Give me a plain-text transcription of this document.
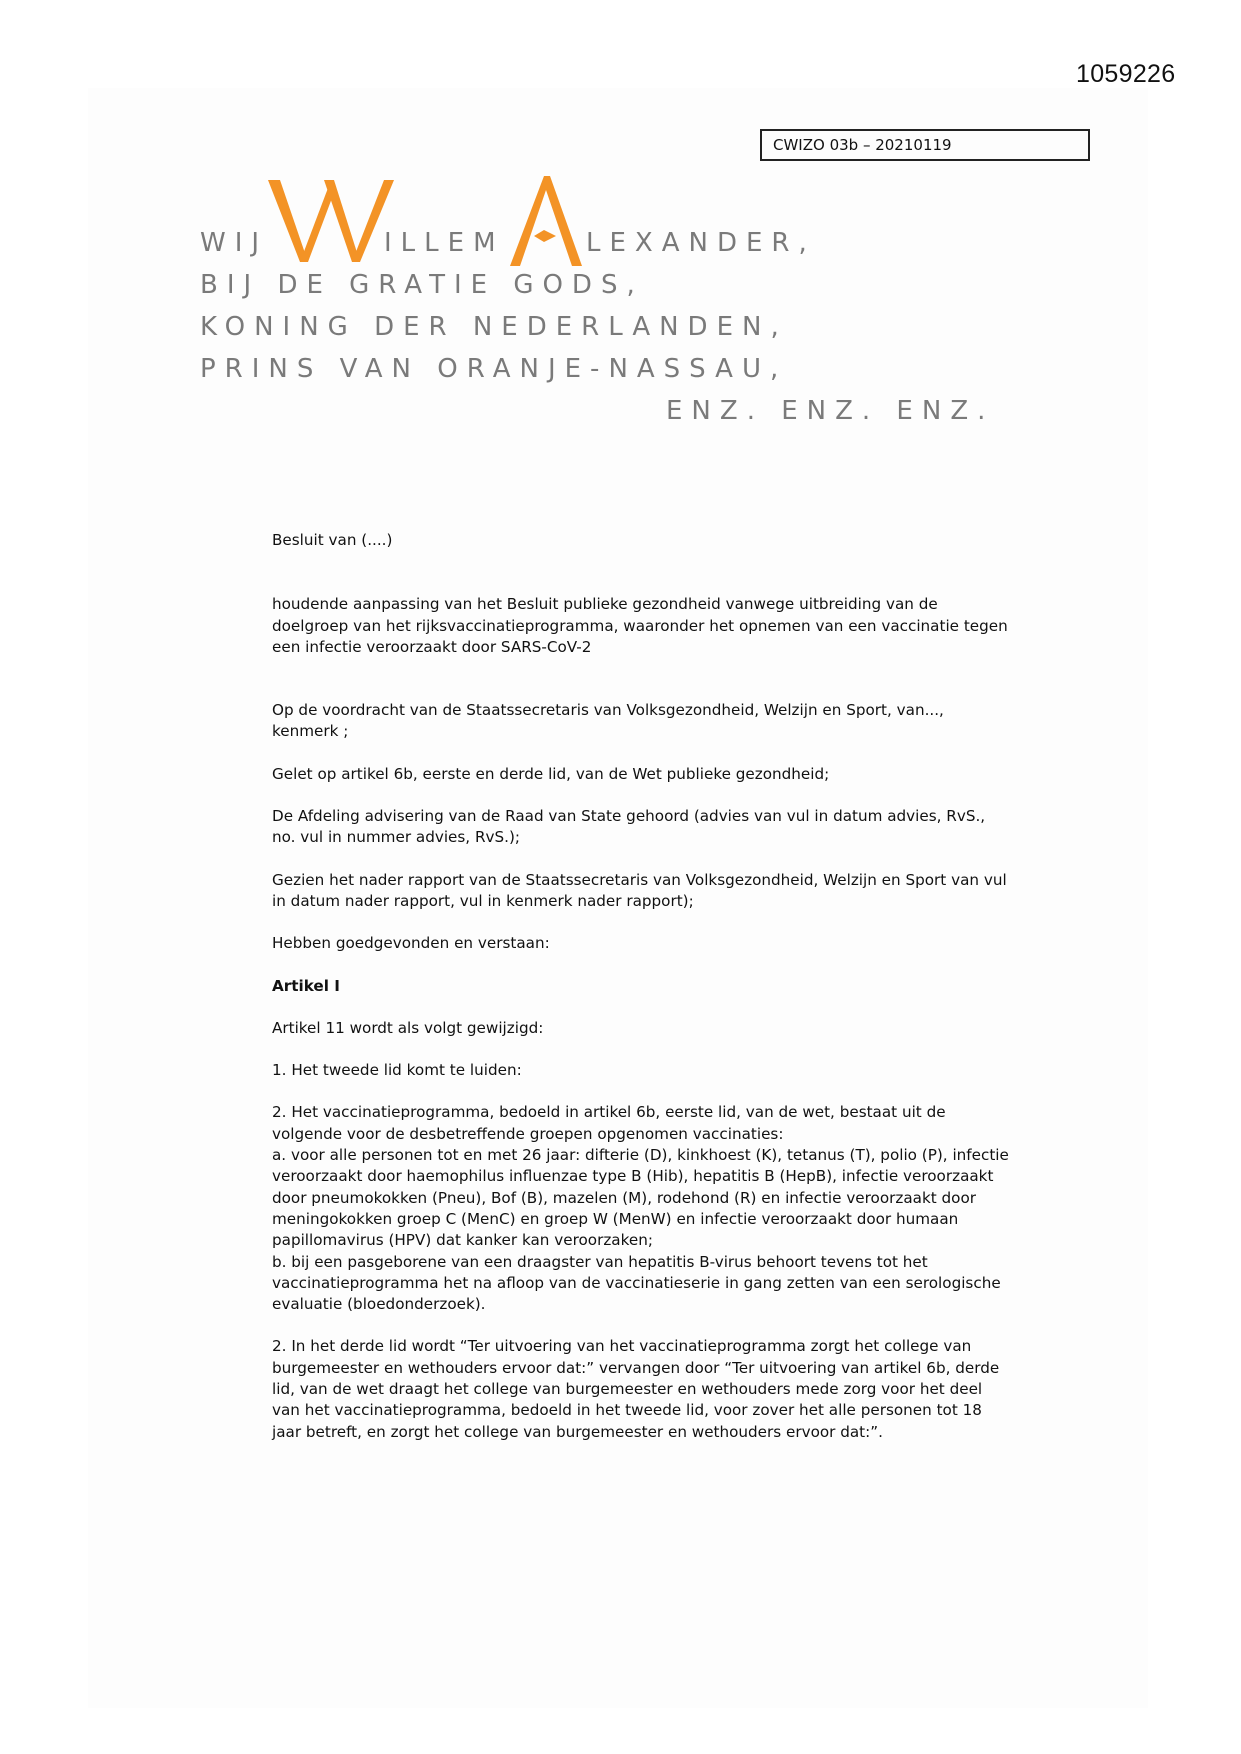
1059226
CWIZO 03b – 20210119
WIJ	ILLEM	LEXANDER,
BIJ DE GRATIE GODS,
KONING DER NEDERLANDEN,
PRINS VAN ORANJE-NASSAU,
ENZ. ENZ. ENZ.

Besluit van (....)

houdende aanpassing van het Besluit publieke gezondheid vanwege uitbreiding van de doelgroep van het rijksvaccinatieprogramma, waaronder het opnemen van een vaccinatie tegen een infectie veroorzaakt door SARS-CoV-2

Op de voordracht van de Staatssecretaris van Volksgezondheid, Welzijn en Sport, van..., kenmerk ;

Gelet op artikel 6b, eerste en derde lid, van de Wet publieke gezondheid;

De Afdeling advisering van de Raad van State gehoord (advies van vul in datum advies, RvS., no. vul in nummer advies, RvS.);

Gezien het nader rapport van de Staatssecretaris van Volksgezondheid, Welzijn en Sport van vul in datum nader rapport, vul in kenmerk nader rapport);

Hebben goedgevonden en verstaan:

Artikel I

Artikel 11 wordt als volgt gewijzigd:

1. Het tweede lid komt te luiden:

2. Het vaccinatieprogramma, bedoeld in artikel 6b, eerste lid, van de wet, bestaat uit de volgende voor de desbetreffende groepen opgenomen vaccinaties:

a. voor alle personen tot en met 26 jaar: difterie (D), kinkhoest (K), tetanus (T), polio (P), infectie veroorzaakt door haemophilus influenzae type B (Hib), hepatitis B (HepB), infectie veroorzaakt door pneumokokken (Pneu), Bof (B), mazelen (M), rodehond (R) en infectie veroorzaakt door meningokokken groep C (MenC) en groep W (MenW) en infectie veroorzaakt door humaan papillomavirus (HPV) dat kanker kan veroorzaken;

b. bij een pasgeborene van een draagster van hepatitis B-virus behoort tevens tot het vaccinatieprogramma het na afloop van de vaccinatieserie in gang zetten van een serologische evaluatie (bloedonderzoek).

2. In het derde lid wordt “Ter uitvoering van het vaccinatieprogramma zorgt het college van burgemeester en wethouders ervoor dat:” vervangen door “Ter uitvoering van artikel 6b, derde lid, van de wet draagt het college van burgemeester en wethouders mede zorg voor het deel van het vaccinatieprogramma, bedoeld in het tweede lid, voor zover het alle personen tot 18 jaar betreft, en zorgt het college van burgemeester en wethouders ervoor dat:”.
